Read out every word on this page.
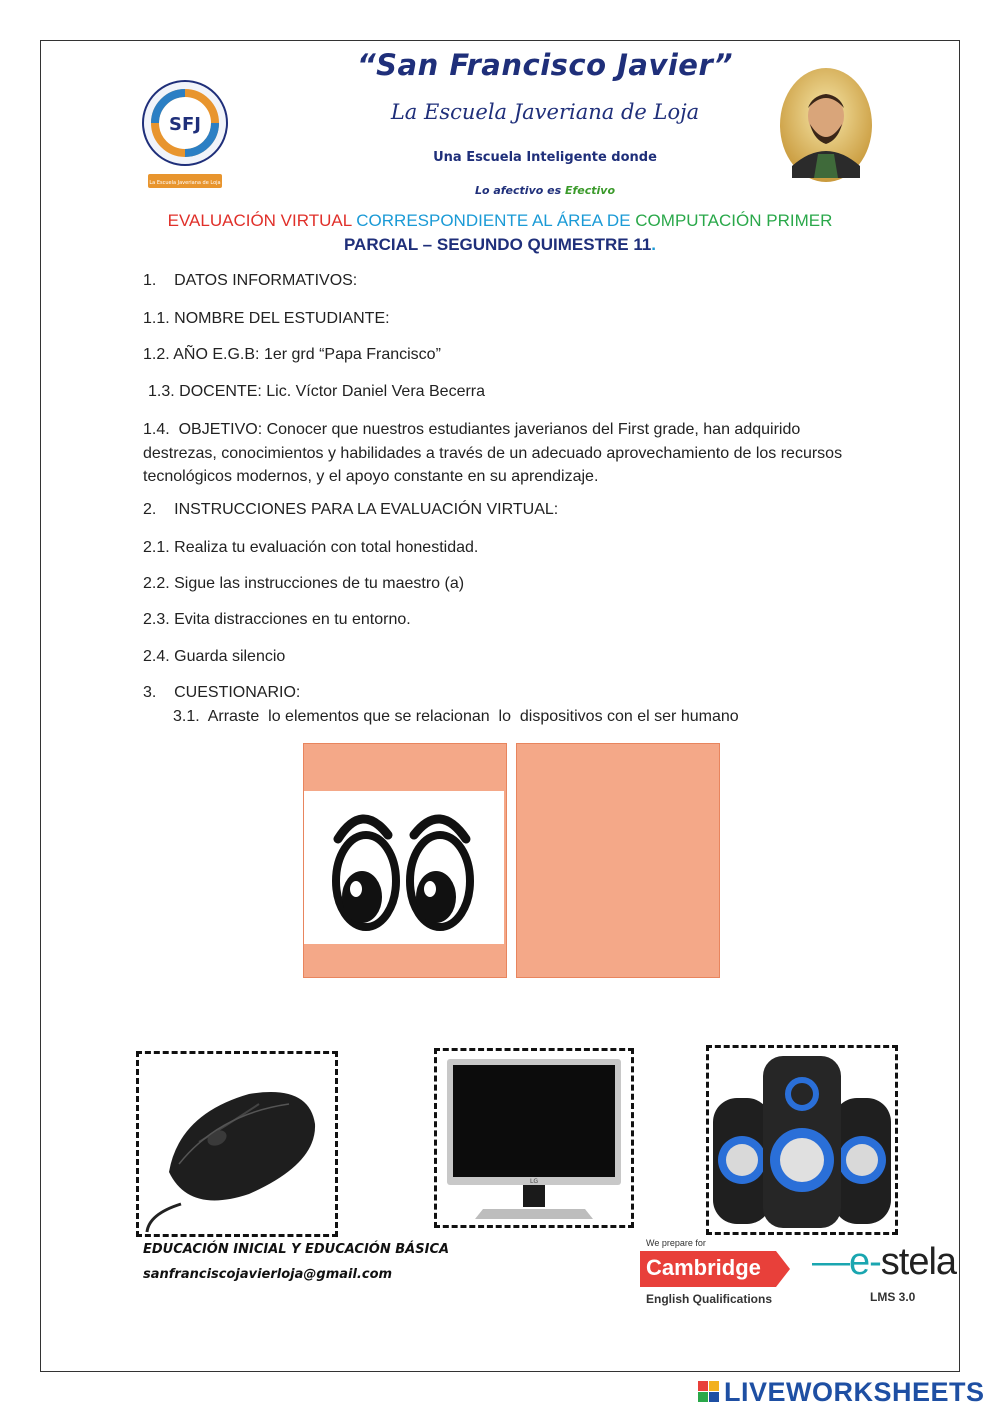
SFJ
La Escuela Javeriana de Loja
“San Francisco Javier”
La Escuela Javeriana de Loja
Una Escuela Inteligente donde
Lo afectivo es Efectivo
EVALUACIÓN VIRTUAL CORRESPONDIENTE AL ÁREA DE COMPUTACIÓN PRIMER
PARCIAL – SEGUNDO QUIMESTRE 11.
1.    DATOS INFORMATIVOS:
1.1. NOMBRE DEL ESTUDIANTE:
1.2. AÑO E.G.B: 1er grd “Papa Francisco”
1.3. DOCENTE: Lic. Víctor Daniel Vera Becerra
1.4.  OBJETIVO: Conocer que nuestros estudiantes javerianos del First grade, han adquirido destrezas, conocimientos y habilidades a través de un adecuado aprovechamiento de los recursos tecnológicos modernos, y el apoyo constante en su aprendizaje.
2.    INSTRUCCIONES PARA LA EVALUACIÓN VIRTUAL:
2.1. Realiza tu evaluación con total honestidad.
2.2. Sigue las instrucciones de tu maestro (a)
2.3. Evita distracciones en tu entorno.
2.4. Guarda silencio
3.    CUESTIONARIO:
3.1.  Arraste  lo elementos que se relacionan  lo  dispositivos con el ser humano
LG
EDUCACIÓN INICIAL Y EDUCACIÓN BÁSICA
sanfranciscojavierloja@gmail.com
We prepare for
Cambridge
English Qualifications
—e-stela
LMS 3.0
LIVEWORKSHEETS
